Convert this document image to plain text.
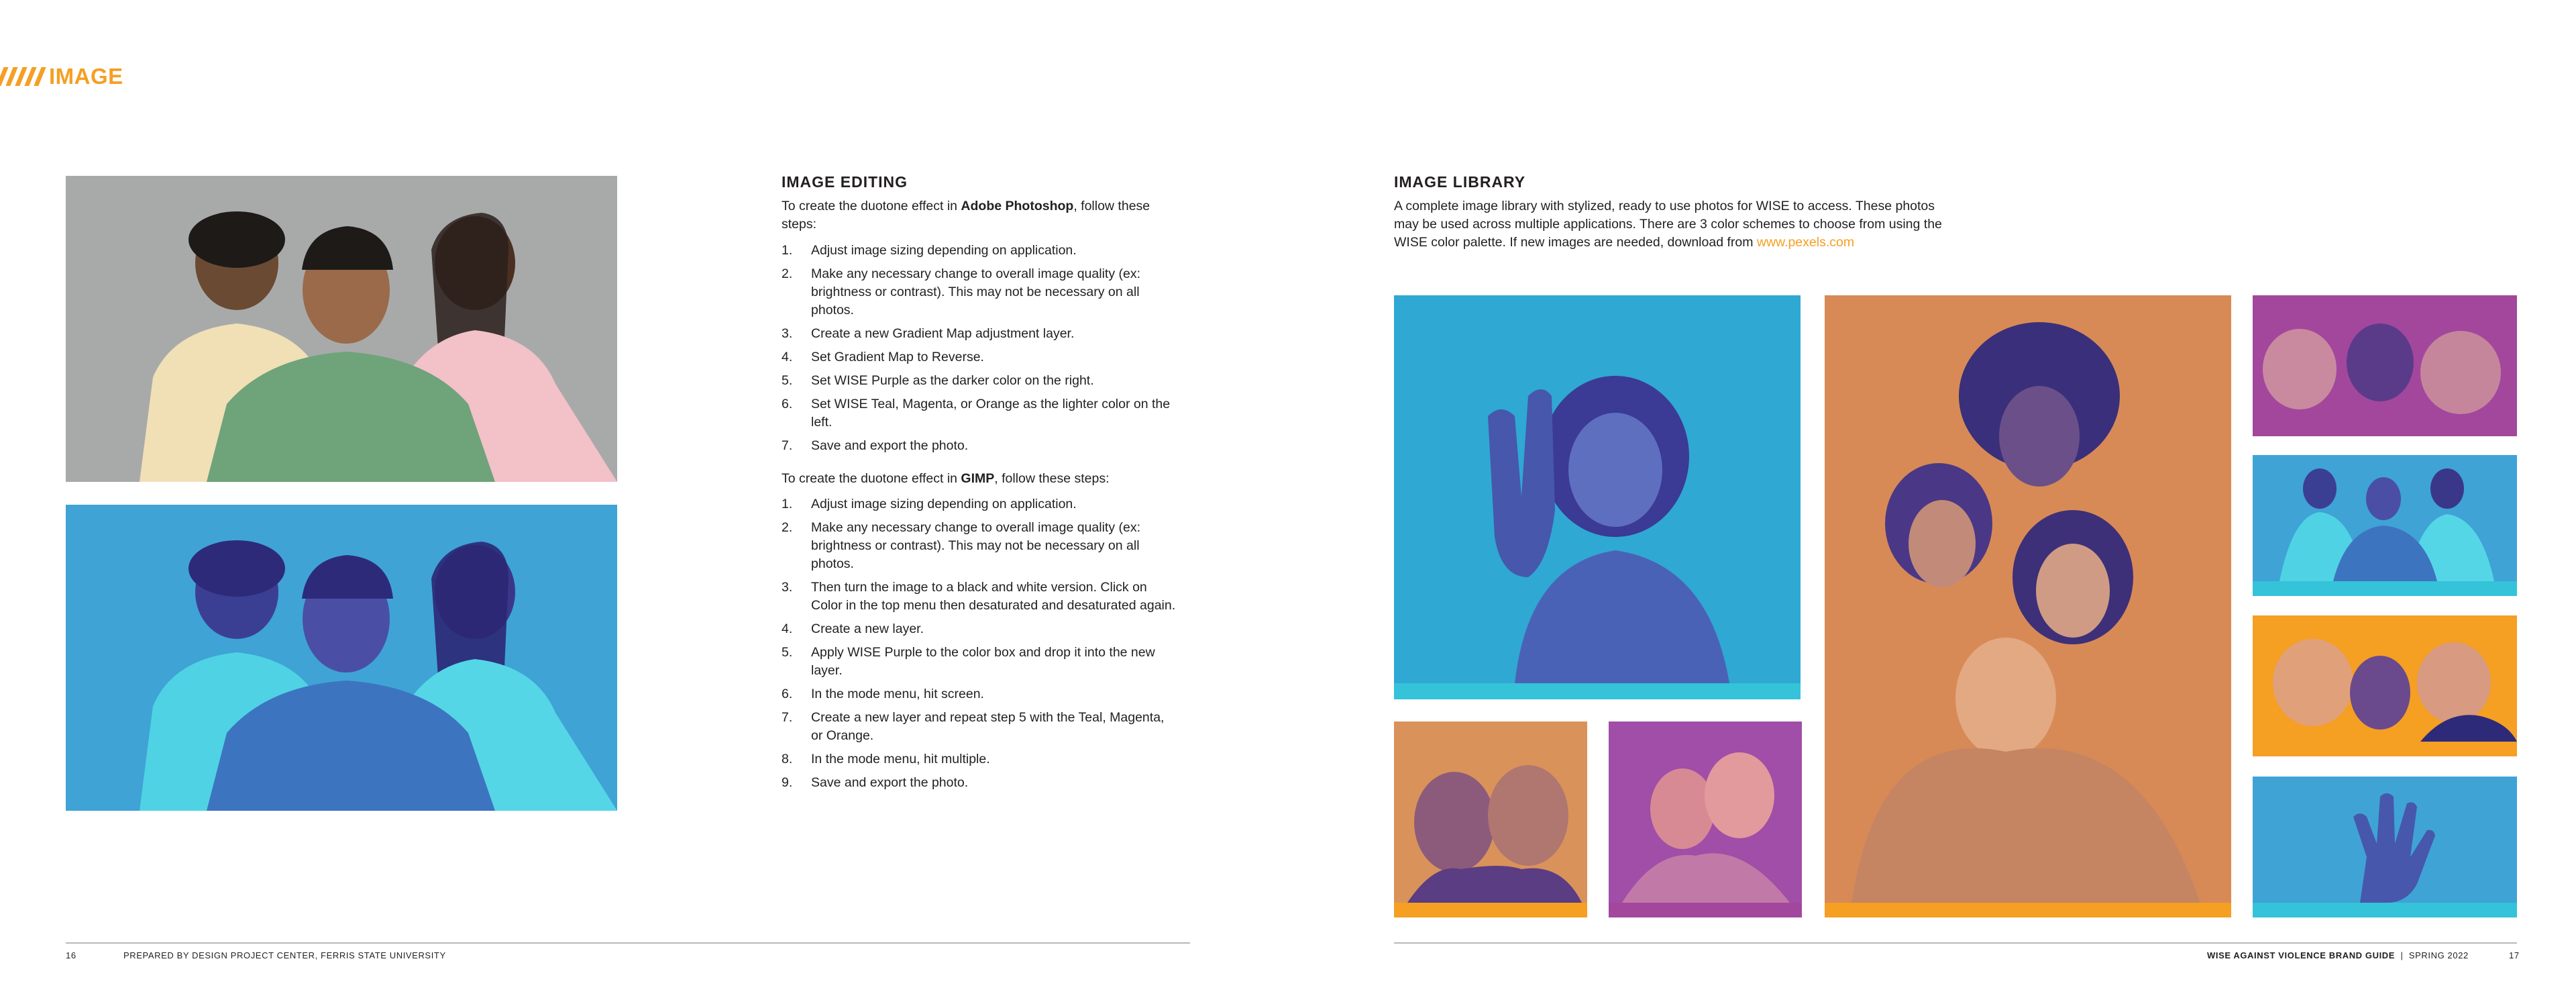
IMAGE
IMAGE EDITING
To create the duotone effect in Adobe Photoshop, follow these steps:
1.	Adjust image sizing depending on application.
2.	Make any necessary change to overall image quality (ex: brightness or contrast). This may not be necessary on all photos.
3.	Create a new Gradient Map adjustment layer.
4.	Set Gradient Map to Reverse.
5.	Set WISE Purple as the darker color on the right.
6.	Set WISE Teal, Magenta, or Orange as the lighter color on the left.
7.	Save and export the photo.
To create the duotone effect in GIMP, follow these steps:
1.	Adjust image sizing depending on application.
2.	Make any necessary change to overall image quality (ex: brightness or contrast). This may not be necessary on all photos.
3.	Then turn the image to a black and white version. Click on Color in the top menu then desaturated and desaturated again.
4.	Create a new layer.
5.	Apply WISE Purple to the color box and drop it into the new layer.
6.	In the mode menu, hit screen.
7.	Create a new layer and repeat step 5 with the Teal, Magenta, or Orange.
8.	In the mode menu, hit multiple.
9.	Save and export the photo.
IMAGE LIBRARY
A complete image library with stylized, ready to use photos for WISE to access. These photos may be used across multiple applications. There are 3 color schemes to choose from using the WISE color palette. If new images are needed, download from www.pexels.com
16	PREPARED BY DESIGN PROJECT CENTER, FERRIS STATE UNIVERSITY	WISE AGAINST VIOLENCE BRAND GUIDE  |  SPRING 2022	17
